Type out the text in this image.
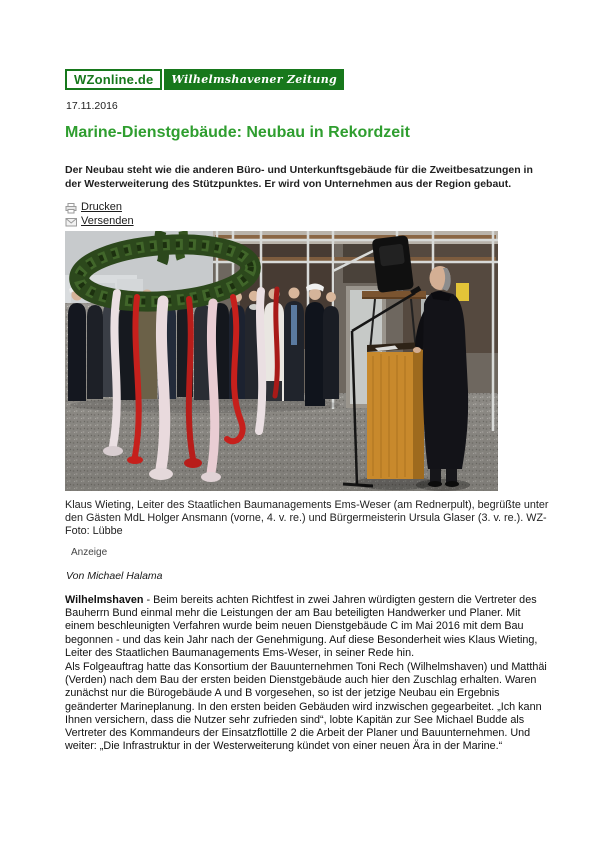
WZonline.de	Wilhelmshavener Zeitung
17.11.2016
Marine-Dienstgebäude: Neubau in Rekordzeit
Der Neubau steht wie die anderen Büro- und Unterkunftsgebäude für die Zweitbesatzungen in der Westerweiterung des Stützpunktes. Er wird von Unternehmen aus der Region gebaut.
Drucken
Versenden
Klaus Wieting, Leiter des Staatlichen Baumanagements Ems-Weser (am Rednerpult), begrüßte unter den Gästen MdL Holger Ansmann (vorne, 4. v. re.) und Bürgermeisterin Ursula Glaser (3. v. re.). WZ-Foto: Lübbe
Anzeige
Von Michael Halama

Wilhelmshaven - Beim bereits achten Richtfest in zwei Jahren würdigten gestern die Vertreter des Bauherrn Bund einmal mehr die Leistungen der am Bau beteiligten Handwerker und Planer. Mit einem beschleunigten Verfahren wurde beim neuen Dienstgebäude C im Mai 2016 mit dem Bau begonnen - und das kein Jahr nach der Genehmigung. Auf diese Besonderheit wies Klaus Wieting, Leiter des Staatlichen Baumanagements Ems-Weser, in seiner Rede hin.

Als Folgeauftrag hatte das Konsortium der Bauunternehmen Toni Rech (Wilhelmshaven) und Matthäi (Verden) nach dem Bau der ersten beiden Dienstgebäude auch hier den Zuschlag erhalten. Waren zunächst nur die Bürogebäude A und B vorgesehen, so ist der jetzige Neubau ein Ergebnis geänderter Marineplanung. In den ersten beiden Gebäuden wird inzwischen gegearbeitet. „Ich kann Ihnen versichern, dass die Nutzer sehr zufrieden sind“, lobte Kapitän zur See Michael Budde als Vertreter des Kommandeurs der Einsatzflottille 2 die Arbeit der Planer und Bauunternehmen. Und weiter: „Die Infrastruktur in der Westerweiterung kündet von einer neuen Ära in der Marine.“
